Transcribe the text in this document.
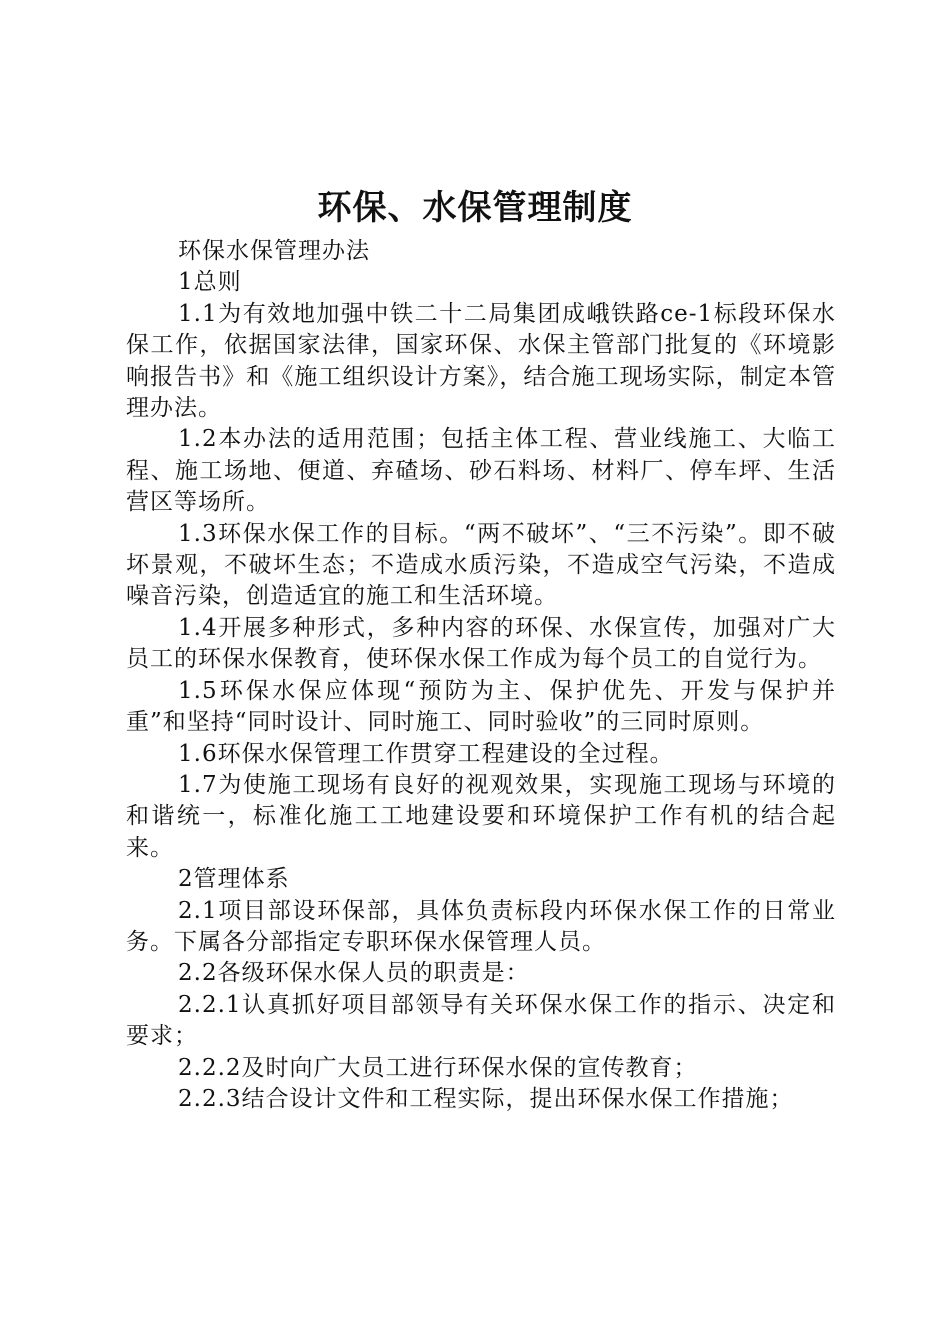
环保、水保管理制度

环保水保管理办法

1总则

1.1为有效地加强中铁二十二局集团成峨铁路ce-1标段环保水保工作，依据国家法律，国家环保、水保主管部门批复的《环境影响报告书》和《施工组织设计方案》，结合施工现场实际，制定本管理办法。

1.2本办法的适用范围；包括主体工程、营业线施工、大临工程、施工场地、便道、弃碴场、砂石料场、材料厂、停车坪、生活营区等场所。

1.3环保水保工作的目标。“两不破坏”、“三不污染”。即不破坏景观，不破坏生态；不造成水质污染，不造成空气污染，不造成噪音污染，创造适宜的施工和生活环境。

1.4开展多种形式，多种内容的环保、水保宣传，加强对广大员工的环保水保教育，使环保水保工作成为每个员工的自觉行为。

1.5环保水保应体现“预防为主、保护优先、开发与保护并重”和坚持“同时设计、同时施工、同时验收”的三同时原则。

1.6环保水保管理工作贯穿工程建设的全过程。

1.7为使施工现场有良好的视观效果，实现施工现场与环境的和谐统一，标准化施工工地建设要和环境保护工作有机的结合起来。

2管理体系

2.1项目部设环保部，具体负责标段内环保水保工作的日常业务。下属各分部指定专职环保水保管理人员。

2.2各级环保水保人员的职责是：

2.2.1认真抓好项目部领导有关环保水保工作的指示、决定和要求；

2.2.2及时向广大员工进行环保水保的宣传教育；

2.2.3结合设计文件和工程实际，提出环保水保工作措施；
